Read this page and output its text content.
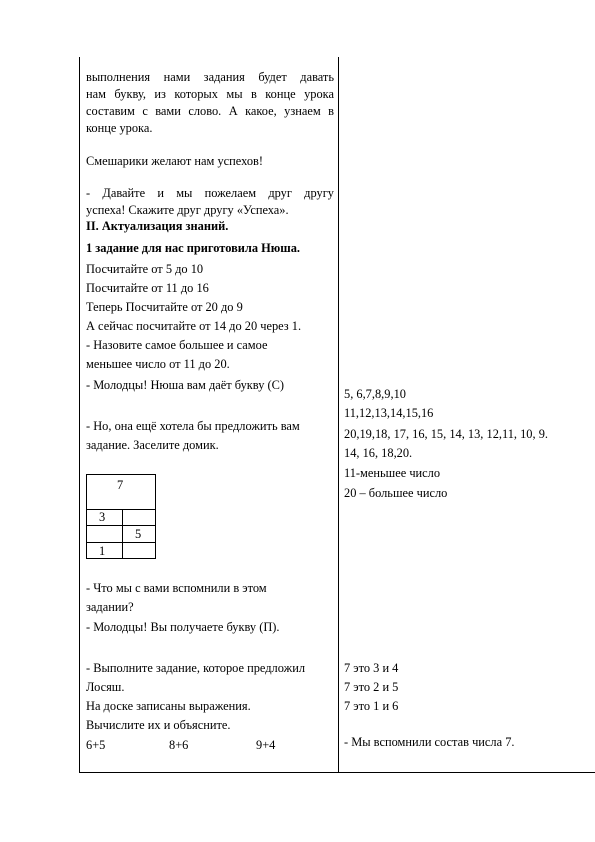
выполнения нами задания будет давать
нам букву, из которых мы в конце урока
составим с вами слово. А какое, узнаем в
конце урока.
Смешарики желают нам успехов!
- Давайте и мы пожелаем друг другу
успеха! Скажите друг другу «Успеха».
II. Актуализация знаний.
1 задание для нас приготовила Нюша.
Посчитайте от 5 до 10
Посчитайте от 11 до 16
Теперь Посчитайте от 20 до 9
А сейчас посчитайте от 14 до 20 через 1.
- Назовите самое большее и самое
меньшее число от 11 до 20.
- Молодцы! Нюша вам даёт букву (С)
- Но, она ещё хотела бы предложить вам
задание. Заселите домик.
7
3
5
1
- Что мы с вами вспомнили в этом
задании?
- Молодцы! Вы получаете букву (П).
- Выполните задание, которое предложил
Лосяш.
На доске записаны выражения.
Вычислите их и объясните.
6+5	8+6	9+4
5, 6,7,8,9,10
11,12,13,14,15,16
20,19,18, 17, 16, 15, 14, 13, 12,11, 10, 9.
14, 16, 18,20.
11-меньшее число
20 – большее число
7 это 3 и 4
7 это 2 и 5
7 это 1 и 6
- Мы вспомнили состав числа 7.
